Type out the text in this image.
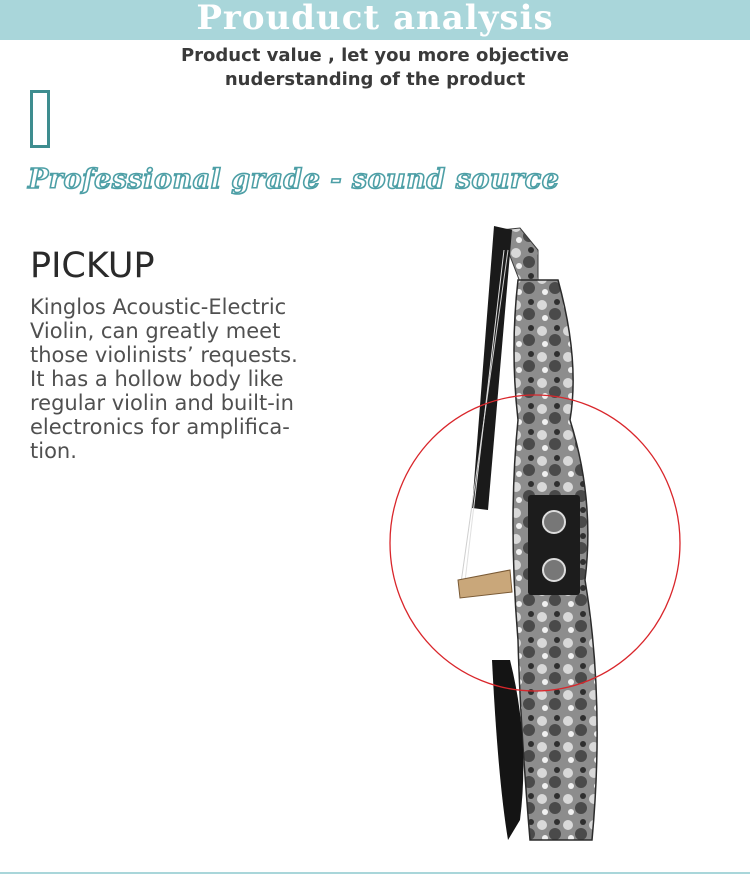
Prouduct analysis
Product value , let you more objective
nuderstanding of the product
Professional grade - sound source
PICKUP
Kinglos Acoustic-Electric
Violin, can greatly meet
those violinists’ requests.
It has a hollow body like
regular violin and built-in
electronics for amplifica-
tion.
